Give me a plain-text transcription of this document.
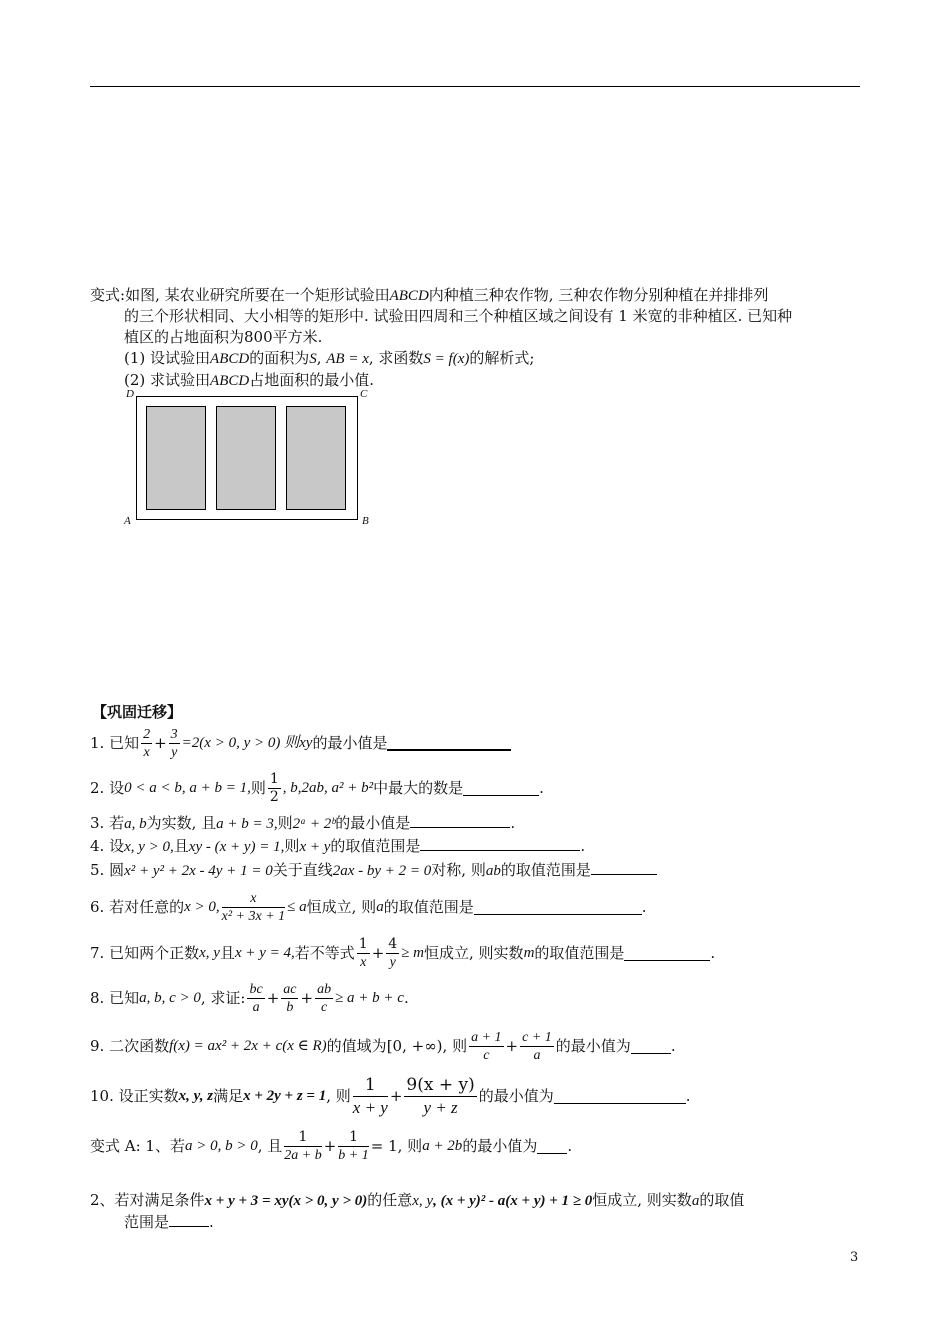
变式:如图, 某农业研究所要在一个矩形试验田ABCD内种植三种农作物, 三种农作物分别种植在并排排列
的三个形状相同、大小相等的矩形中. 试验田四周和三个种植区域之间设有 1 米宽的非种植区. 已知种
植区的占地面积为800平方米.
(1) 设试验田ABCD的面积为S, AB = x, 求函数S = f(x)的解析式;
(2) 求试验田ABCD占地面积的最小值.
D	C
A	B
【巩固迁移】
1. 已知 $\frac{2}{x} + \frac{3}{y} =2(x > 0$, y > 0) 则 xy 的最小值是
2. 设 0 < a < b, a + b = 1, 则 $\frac{1}{2}$ , b,2ab, a² + b² 中最大的数是	.
3. 若a, b为实数, 且a + b = 3,则2ᵃ + 2ᵇ的最小值是	.
4. 设x, y > 0,且xy - (x + y) = 1,则x + y的取值范围是	.
5. 圆x² + y² + 2x - 4y + 1 = 0关于直线2ax - by + 2 = 0对称, 则ab的取值范围是
6. 若对任意的 x > 0, $\frac{x}{\text{x² + 3x + 1}} \le a$ 恒成立, 则 a 的取值范围是	.
7. 已知两个正数 x, y 且 x + y = 4, 若不等式 $\frac{1}{x} + \frac{4}{y} \ge m$ 恒成立, 则实数 m 的取值范围是	.
8. 已知 a, b, c > 0 , 求证: $\frac{bc}{a} + \frac{ac}{b} + \frac{ab}{c} \ge a + b + c$ .
9. 二次函数 f(x) = ax² + 2x + c(x ∈ R) 的值域为 [0, +∞) , 则 $\frac{a + 1}{c} + \frac{c + 1}{a}$ 的最小值为	.
10. 设正实数 x, y, z 满足 x + 2y + z = 1 , 则 $\frac{1}{x + y} + \frac{9(x + y)}{y + z}$ 的最小值为	.
变式 A: 1、若 a > 0, b > 0 , 且 $\frac{1}{2a + b} + \frac{1}{b + 1} = 1$ , 则 a + 2b 的最小值为 .
2、若对满足条件x + y + 3 = xy(x > 0, y > 0)的任意x, y, (x + y)² - a(x + y) + 1 ≥ 0恒成立, 则实数a的取值
范围是	.
3
